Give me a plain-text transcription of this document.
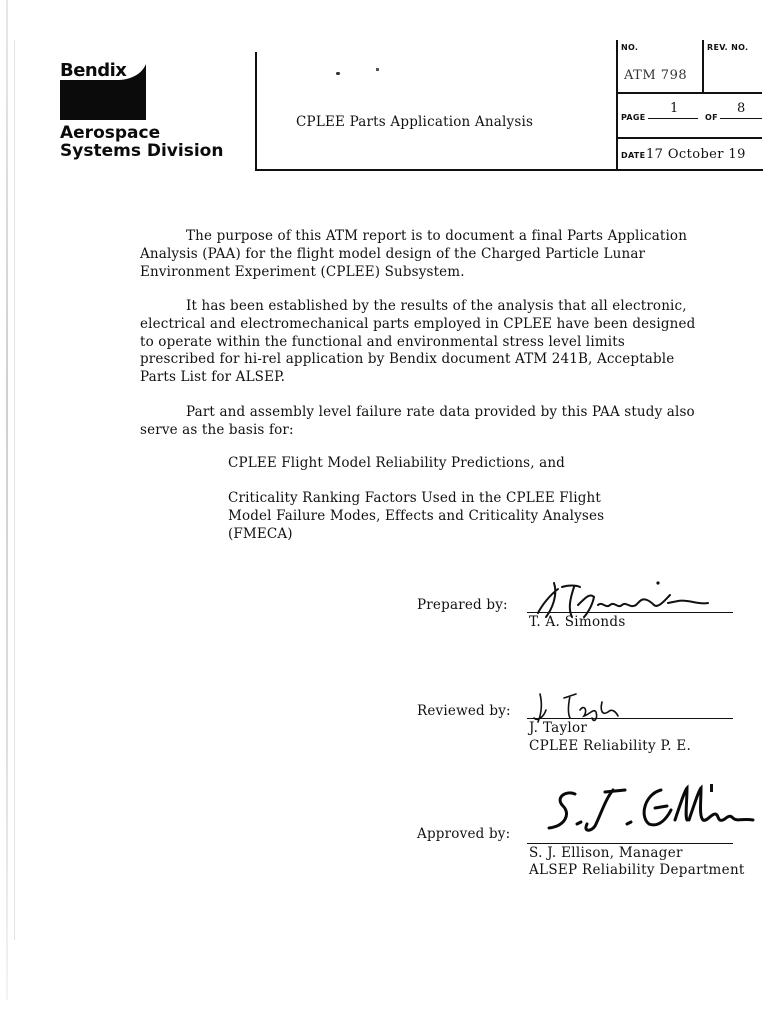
Bendix
Aerospace
Systems Division
CPLEE Parts Application Analysis
NO.
ATM 798
REV. NO.
PAGE
1
OF
8
DATE 17 October 19
The purpose of this ATM report is to document a final Parts Application Analysis (PAA) for the flight model design of the Charged Particle Lunar Environment Experiment (CPLEE) Subsystem.
It has been established by the results of the analysis that all electronic, electrical and electromechanical parts employed in CPLEE have been designed to operate within the functional and environmental stress level limits prescribed for hi-rel application by Bendix document ATM 241B, Acceptable Parts List for ALSEP.
Part and assembly level failure rate data provided by this PAA study also serve as the basis for:
CPLEE Flight Model Reliability Predictions, and
Criticality Ranking Factors Used in the CPLEE Flight Model Failure Modes, Effects and Criticality Analyses (FMECA)
Prepared by:
T. A. Simonds
Reviewed by:
J. Taylor
CPLEE Reliability P. E.
Approved by:
S. J. Ellison, Manager
ALSEP Reliability Department
